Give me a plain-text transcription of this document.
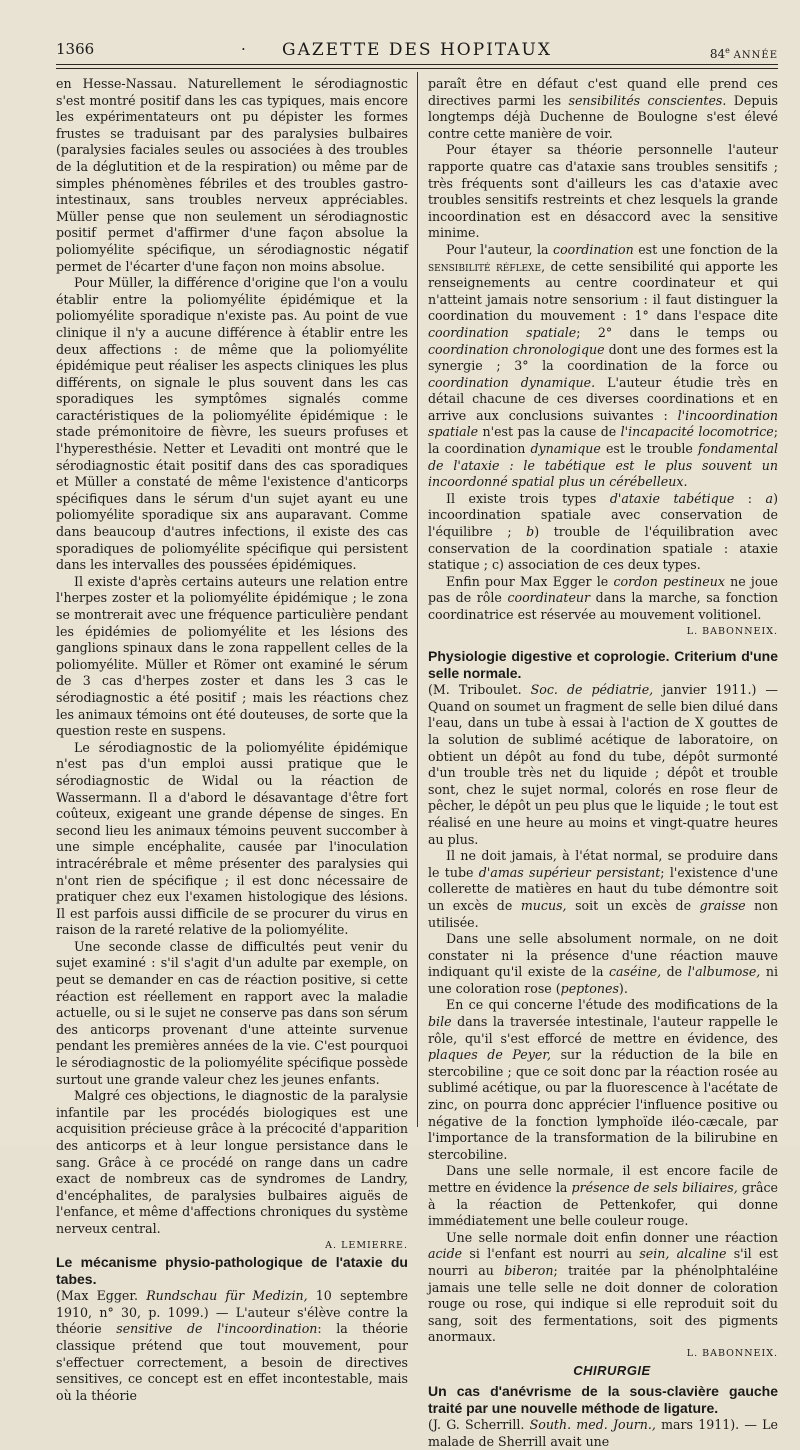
1366	·	GAZETTE DES HOPITAUX	84e ANNÉE

en Hesse-Nassau. Naturellement le sérodiagnostic s'est montré positif dans les cas typiques, mais encore les expérimentateurs ont pu dépister les formes frustes se traduisant par des paralysies bulbaires (paralysies faciales seules ou associées à des troubles de la déglutition et de la respiration) ou même par de simples phénomènes fébriles et des troubles gastro-intestinaux, sans troubles nerveux appréciables. Müller pense que non seulement un sérodiagnostic positif permet d'affirmer d'une façon absolue la poliomyélite spécifique, un sérodiagnostic négatif permet de l'écarter d'une façon non moins absolue.

Pour Müller, la différence d'origine que l'on a voulu établir entre la poliomyélite épidémique et la poliomyélite sporadique n'existe pas. Au point de vue clinique il n'y a aucune différence à établir entre les deux affections : de même que la poliomyélite épidémique peut réaliser les aspects cliniques les plus différents, on signale le plus souvent dans les cas sporadiques les symptômes signalés comme caractéristiques de la poliomyélite épidémique : le stade prémonitoire de fièvre, les sueurs profuses et l'hyperesthésie. Netter et Levaditi ont montré que le sérodiagnostic était positif dans des cas sporadiques et Müller a constaté de même l'existence d'anticorps spécifiques dans le sérum d'un sujet ayant eu une poliomyélite sporadique six ans auparavant. Comme dans beaucoup d'autres infections, il existe des cas sporadiques de poliomyélite spécifique qui persistent dans les intervalles des poussées épidémiques.

Il existe d'après certains auteurs une relation entre l'herpes zoster et la poliomyélite épidémique ; le zona se montrerait avec une fréquence particulière pendant les épidémies de poliomyélite et les lésions des ganglions spinaux dans le zona rappellent celles de la poliomyélite. Müller et Römer ont examiné le sérum de 3 cas d'herpes zoster et dans les 3 cas le sérodiagnostic a été positif ; mais les réactions chez les animaux témoins ont été douteuses, de sorte que la question reste en suspens.

Le sérodiagnostic de la poliomyélite épidémique n'est pas d'un emploi aussi pratique que le sérodiagnostic de Widal ou la réaction de Wassermann. Il a d'abord le désavantage d'être fort coûteux, exigeant une grande dépense de singes. En second lieu les animaux témoins peuvent succomber à une simple encéphalite, causée par l'inoculation intracérébrale et même présenter des paralysies qui n'ont rien de spécifique ; il est donc nécessaire de pratiquer chez eux l'examen histologique des lésions. Il est parfois aussi difficile de se procurer du virus en raison de la rareté relative de la poliomyélite.

Une seconde classe de difficultés peut venir du sujet examiné : s'il s'agit d'un adulte par exemple, on peut se demander en cas de réaction positive, si cette réaction est réellement en rapport avec la maladie actuelle, ou si le sujet ne conserve pas dans son sérum des anticorps provenant d'une atteinte survenue pendant les premières années de la vie. C'est pourquoi le sérodiagnostic de la poliomyélite spécifique possède surtout une grande valeur chez les jeunes enfants.

Malgré ces objections, le diagnostic de la paralysie infantile par les procédés biologiques est une acquisition précieuse grâce à la précocité d'apparition des anticorps et à leur longue persistance dans le sang. Grâce à ce procédé on range dans un cadre exact de nombreux cas de syndromes de Landry, d'encéphalites, de paralysies bulbaires aiguës de l'enfance, et même d'affections chroniques du système nerveux central.

A. LEMIERRE.

Le mécanisme physio-pathologique de l'ataxie du tabes.

(Max Egger. Rundschau für Medizin, 10 septembre 1910, n° 30, p. 1099.) — L'auteur s'élève contre la théorie sensitive de l'incoordination: la théorie classique prétend que tout mouvement, pour s'effectuer correctement, a besoin de directives sensitives, ce concept est en effet incontestable, mais où la théorie

paraît être en défaut c'est quand elle prend ces directives parmi les sensibilités conscientes. Depuis longtemps déjà Duchenne de Boulogne s'est élevé contre cette manière de voir.

Pour étayer sa théorie personnelle l'auteur rapporte quatre cas d'ataxie sans troubles sensitifs ; très fréquents sont d'ailleurs les cas d'ataxie avec troubles sensitifs restreints et chez lesquels la grande incoordination est en désaccord avec la sensitive minime.

Pour l'auteur, la coordination est une fonction de la sensibilité réflexe, de cette sensibilité qui apporte les renseignements au centre coordinateur et qui n'atteint jamais notre sensorium : il faut distinguer la coordination du mouvement : 1° dans l'espace dite coordination spatiale; 2° dans le temps ou coordination chronologique dont une des formes est la synergie ; 3° la coordination de la force ou coordination dynamique. L'auteur étudie très en détail chacune de ces diverses coordinations et en arrive aux conclusions suivantes : l'incoordination spatiale n'est pas la cause de l'incapacité locomotrice; la coordination dynamique est le trouble fondamental de l'ataxie : le tabétique est le plus souvent un incoordonné spatial plus un cérébelleux.

Il existe trois types d'ataxie tabétique : a) incoordination spatiale avec conservation de l'équilibre ; b) trouble de l'équilibration avec conservation de la coordination spatiale : ataxie statique ; c) association de ces deux types.

Enfin pour Max Egger le cordon pestineux ne joue pas de rôle coordinateur dans la marche, sa fonction coordinatrice est réservée au mouvement volitionel.

L. BABONNEIX.

Physiologie digestive et coprologie. Criterium d'une selle normale.

(M. Triboulet. Soc. de pédiatrie, janvier 1911.) — Quand on soumet un fragment de selle bien dilué dans l'eau, dans un tube à essai à l'action de X gouttes de la solution de sublimé acétique de laboratoire, on obtient un dépôt au fond du tube, dépôt surmonté d'un trouble très net du liquide ; dépôt et trouble sont, chez le sujet normal, colorés en rose fleur de pêcher, le dépôt un peu plus que le liquide ; le tout est réalisé en une heure au moins et vingt-quatre heures au plus.

Il ne doit jamais, à l'état normal, se produire dans le tube d'amas supérieur persistant; l'existence d'une collerette de matières en haut du tube démontre soit un excès de mucus, soit un excès de graisse non utilisée.

Dans une selle absolument normale, on ne doit constater ni la présence d'une réaction mauve indiquant qu'il existe de la caséine, de l'albumose, ni une coloration rose (peptones).

En ce qui concerne l'étude des modifications de la bile dans la traversée intestinale, l'auteur rappelle le rôle, qu'il s'est efforcé de mettre en évidence, des plaques de Peyer, sur la réduction de la bile en stercobiline ; que ce soit donc par la réaction rosée au sublimé acétique, ou par la fluorescence à l'acétate de zinc, on pourra donc apprécier l'influence positive ou négative de la fonction lymphoïde iléo-cæcale, par l'importance de la transformation de la bilirubine en stercobiline.

Dans une selle normale, il est encore facile de mettre en évidence la présence de sels biliaires, grâce à la réaction de Pettenkofer, qui donne immédiatement une belle couleur rouge.

Une selle normale doit enfin donner une réaction acide si l'enfant est nourri au sein, alcaline s'il est nourri au biberon; traitée par la phénolphtaléine jamais une telle selle ne doit donner de coloration rouge ou rose, qui indique si elle reproduit soit du sang, soit des fermentations, soit des pigments anormaux.

L. BABONNEIX.

CHIRURGIE

Un cas d'anévrisme de la sous-clavière gauche traité par une nouvelle méthode de ligature.

(J. G. Scherrill. South. med. Journ., mars 1911). — Le malade de Sherrill avait une
